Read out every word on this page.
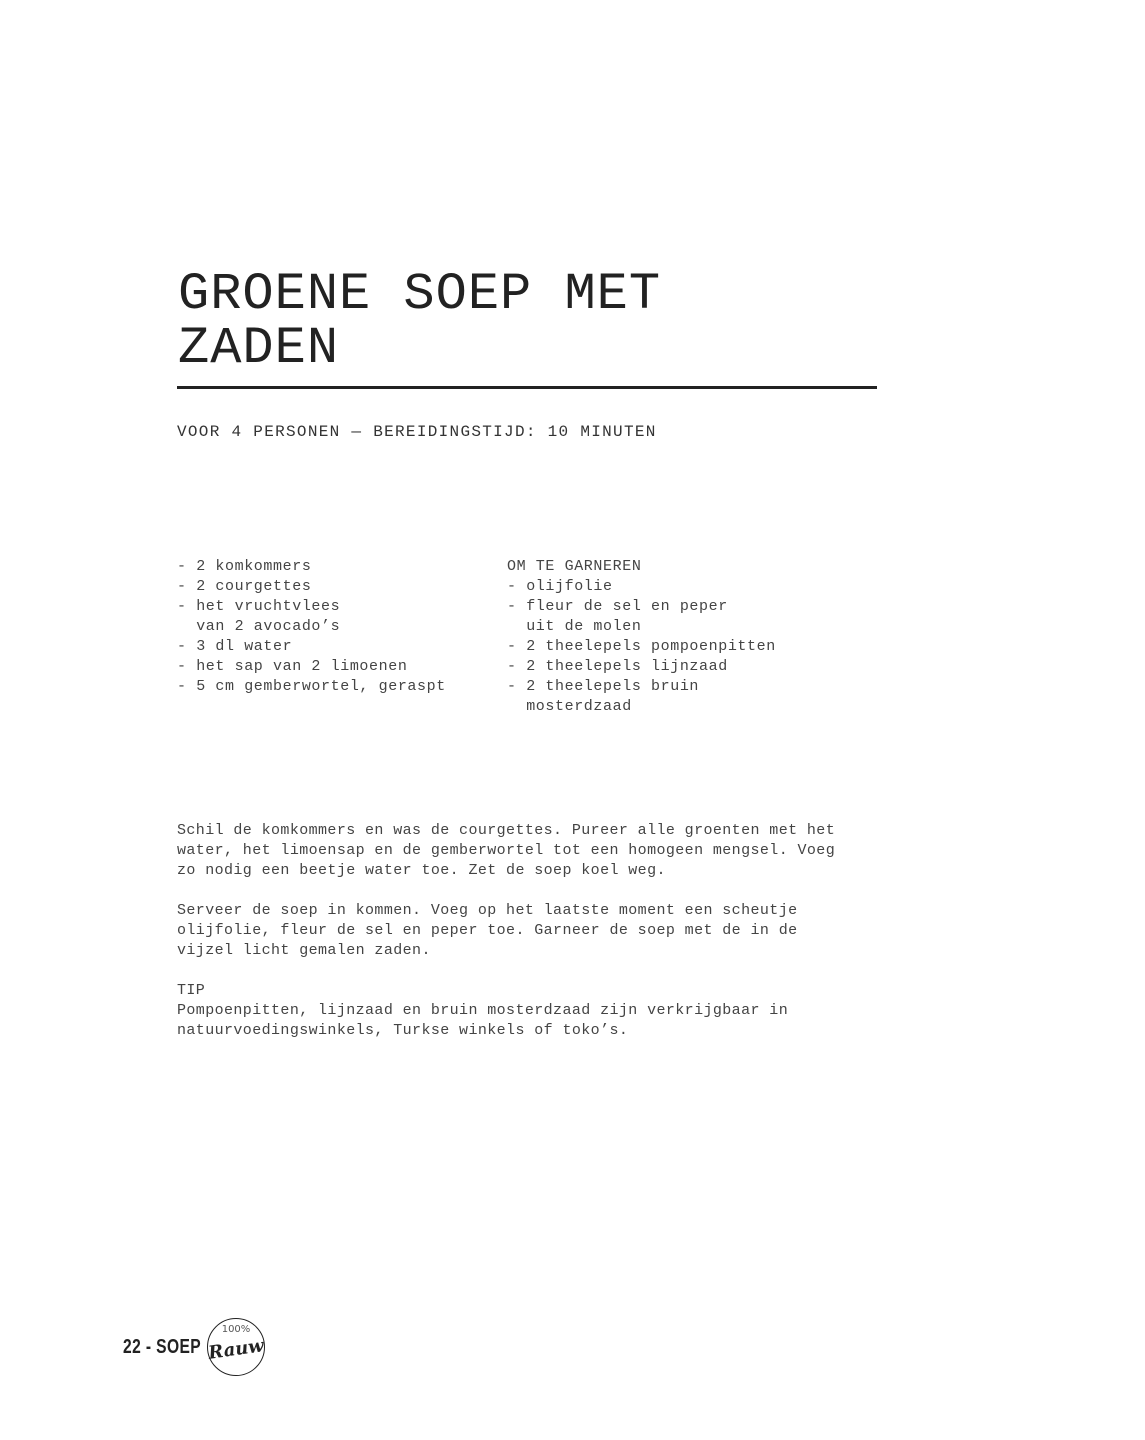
GROENE SOEP MET
ZADEN
VOOR 4 PERSONEN — BEREIDINGSTIJD: 10 MINUTEN
- 2 komkommers
- 2 courgettes
- het vruchtvlees
van 2 avocado’s
- 3 dl water
- het sap van 2 limoenen
- 5 cm gemberwortel, geraspt
OM TE GARNEREN
- olijfolie
- fleur de sel en peper
uit de molen
- 2 theelepels pompoenpitten
- 2 theelepels lijnzaad
- 2 theelepels bruin
mosterdzaad

Schil de komkommers en was de courgettes. Pureer alle groenten met het water, het limoensap en de gemberwortel tot een homogeen mengsel. Voeg zo nodig een beetje water toe. Zet de soep koel weg.

Serveer de soep in kommen. Voeg op het laatste moment een scheutje olijfolie, fleur de sel en peper toe. Garneer de soep met de in de vijzel licht gemalen zaden.

TIP

Pompoenpitten, lijnzaad en bruin mosterdzaad zijn verkrijgbaar in natuurvoedingswinkels, Turkse winkels of toko’s.

22 - SOEP
100%
Rauw
